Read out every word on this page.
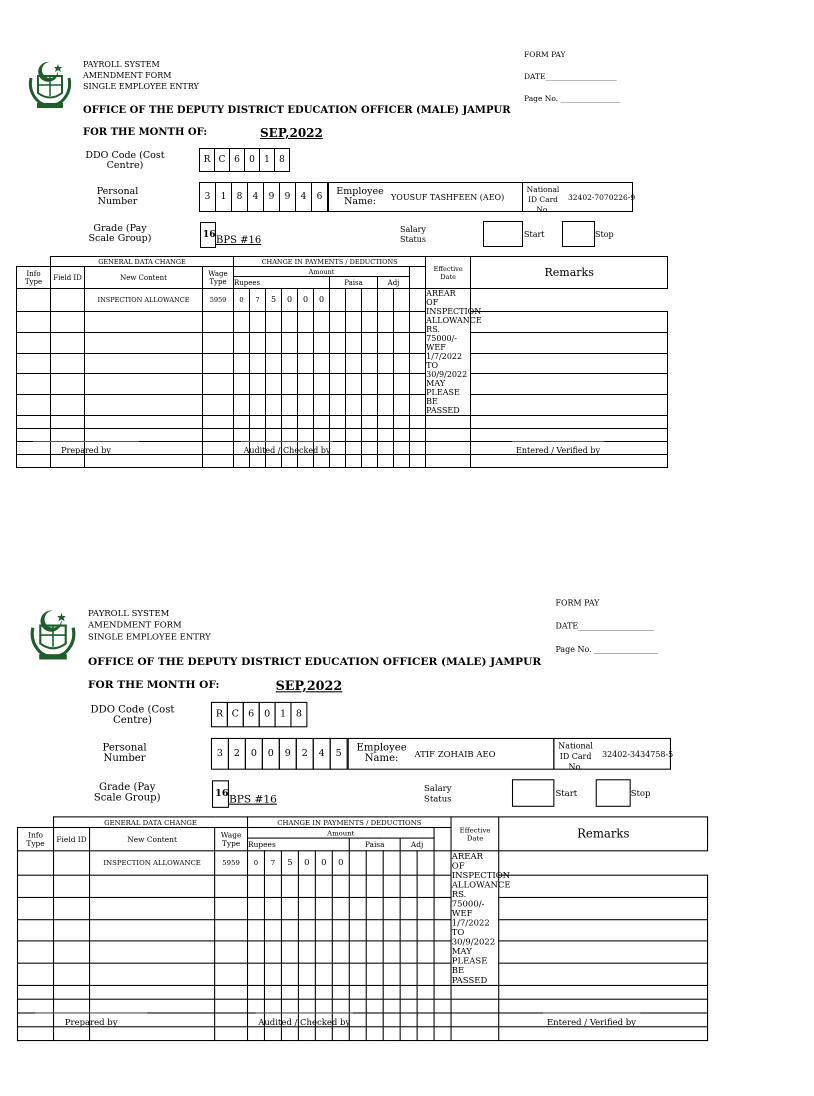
PAYROLL SYSTEM
AMENDMENT FORM
SINGLE EMPLOYEE ENTRY
FORM PAY
DATE___________________
Page No. ________________
OFFICE OF THE DEPUTY DISTRICT EDUCATION OFFICER (MALE) JAMPUR
FOR THE MONTH OF:	SEP,2022
DDO Code (Cost Centre)	R C 6	0	1	8
Personal Number	3	1	8	4	9	9	4	6	Employee Name:	YOUSUF TASHFEEN (AEO)
National ID Card No.
32402-7070226-9
Grade (Pay Scale Group)	16 BPS #16
Salary Status
Start	Stop
	GENERAL DATA CHANGE			CHANGE IN PAYMENTS / DEDUCTIONS												Effective Date	Remarks
Info Type	Field ID	New Content	Wage Type	Amount													
				Rupees						Paisa			Adj				
		INSPECTION ALLOWANCE	5959	0	7	5	0	0	0							AREAR OF INSPECTION ALLOWANCE RS. 75000/- WEF 1/7/2022 TO 30/9/2022 MAY PLEASE BE PASSED	

Prepared by	Audited / Checked by	Entered / Verified by
PAYROLL SYSTEM
AMENDMENT FORM
SINGLE EMPLOYEE ENTRY
FORM PAY
DATE___________________
Page No. ________________
OFFICE OF THE DEPUTY DISTRICT EDUCATION OFFICER (MALE) JAMPUR
FOR THE MONTH OF:	SEP,2022
DDO Code (Cost Centre)	R C	6	0	1	8
Personal Number	3	2	0	0	9	2	4	5	Employee Name:	ATIF ZOHAIB AEO
National ID Card No.
32402-3434758-5
Grade (Pay Scale Group)	16 BPS #16
Salary Status
Start	Stop
	GENERAL DATA CHANGE			CHANGE IN PAYMENTS / DEDUCTIONS												Effective Date	Remarks
Info Type	Field ID	New Content	Wage Type	Amount													
				Rupees						Paisa			Adj				
		INSPECTION ALLOWANCE	5959	0	7	5	0	0	0							AREAR OF INSPECTION ALLOWANCE RS. 75000/- WEF 1/7/2022 TO 30/9/2022 MAY PLEASE BE PASSED	

Prepared by	Audited / Checked by	Entered / Verified by
